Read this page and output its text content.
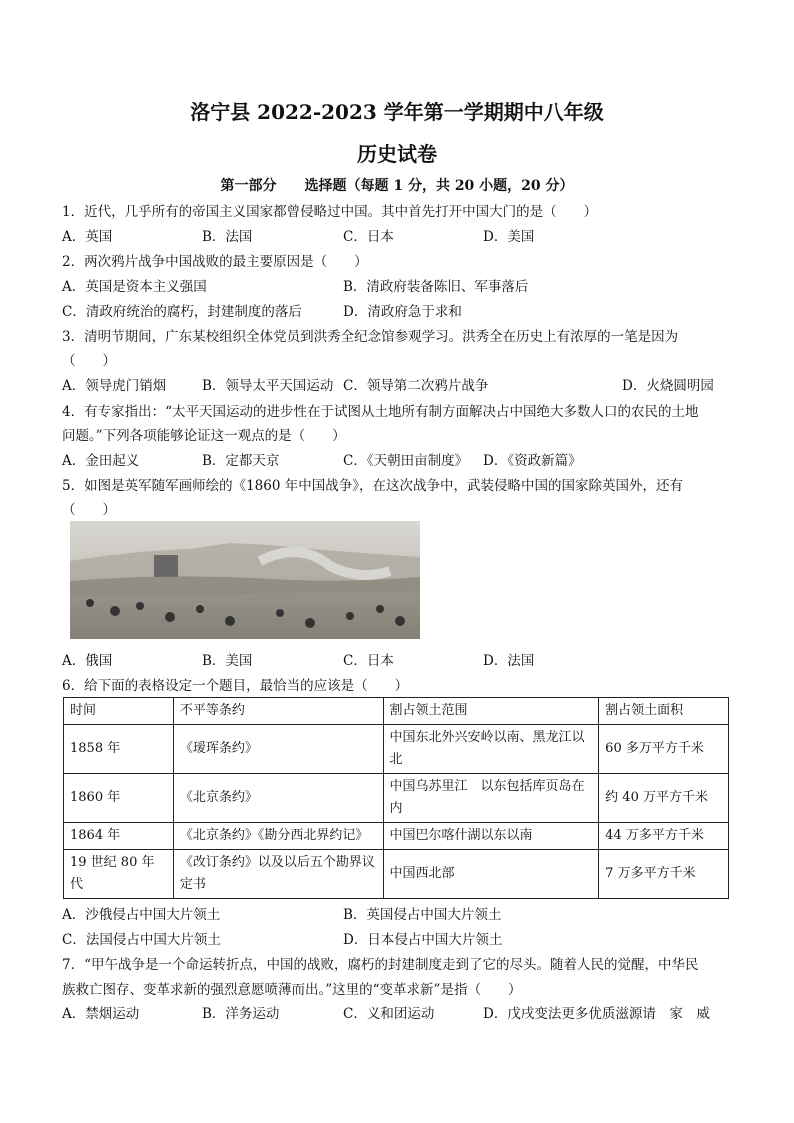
洛宁县 2022-2023 学年第一学期期中八年级
历史试卷
第一部分　　选择题（每题 1 分，共 20 小题，20 分）
1．近代，几乎所有的帝国主义国家都曾侵略过中国。其中首先打开中国大门的是（　　）
A．英国	B．法国	C．日本	D．美国
2．两次鸦片战争中国战败的最主要原因是（　　）
A．英国是资本主义强国	B．清政府装备陈旧、军事落后
C．清政府统治的腐朽，封建制度的落后	D．清政府急于求和
3．清明节期间，广东某校组织全体党员到洪秀全纪念馆参观学习。洪秀全在历史上有浓厚的一笔是因为
（　　）
A．领导虎门销烟	B．领导太平天国运动 C．领导第二次鸦片战争	D．火烧圆明园
4．有专家指出：“太平天国运动的进步性在于试图从土地所有制方面解决占中国绝大多数人口的农民的土地
问题。”下列各项能够论证这一观点的是（　　）
A．金田起义	B．定都天京	C．《天朝田亩制度》 D．《资政新篇》
5．如图是英军随军画师绘的《1860 年中国战争》，在这次战争中，武装侵略中国的国家除英国外，还有
（　　）
A．俄国	B．美国	C．日本	D．法国
6．给下面的表格设定一个题目，最恰当的应该是（　　）
时间	不平等条约	割占领土范围	割占领土面积
1858 年	《瑷珲条约》	中国东北外兴安岭以南、黑龙江以北	60 多万平方千米
1860 年	《北京条约》	中国乌苏里江　以东包括库页岛在内	约 40 万平方千米
1864 年	《北京条约》《勘分西北界约记》	中国巴尔喀什湖以东以南	44 万多平方千米
19 世纪 80 年代	《改订条约》以及以后五个勘界议定书	中国西北部	7 万多平方千米
A．沙俄侵占中国大片领土	B．英国侵占中国大片领土
C．法国侵占中国大片领土	D．日本侵占中国大片领土
7．“甲午战争是一个命运转折点，中国的战败，腐朽的封建制度走到了它的尽头。随着人民的觉醒，中华民
族救亡图存、变革求新的强烈意愿喷薄而出。”这里的“变革求新”是指（　　）
A．禁烟运动	B．洋务运动	C．义和团运动	D．戊戌变法更多优质滋源请　家　威
